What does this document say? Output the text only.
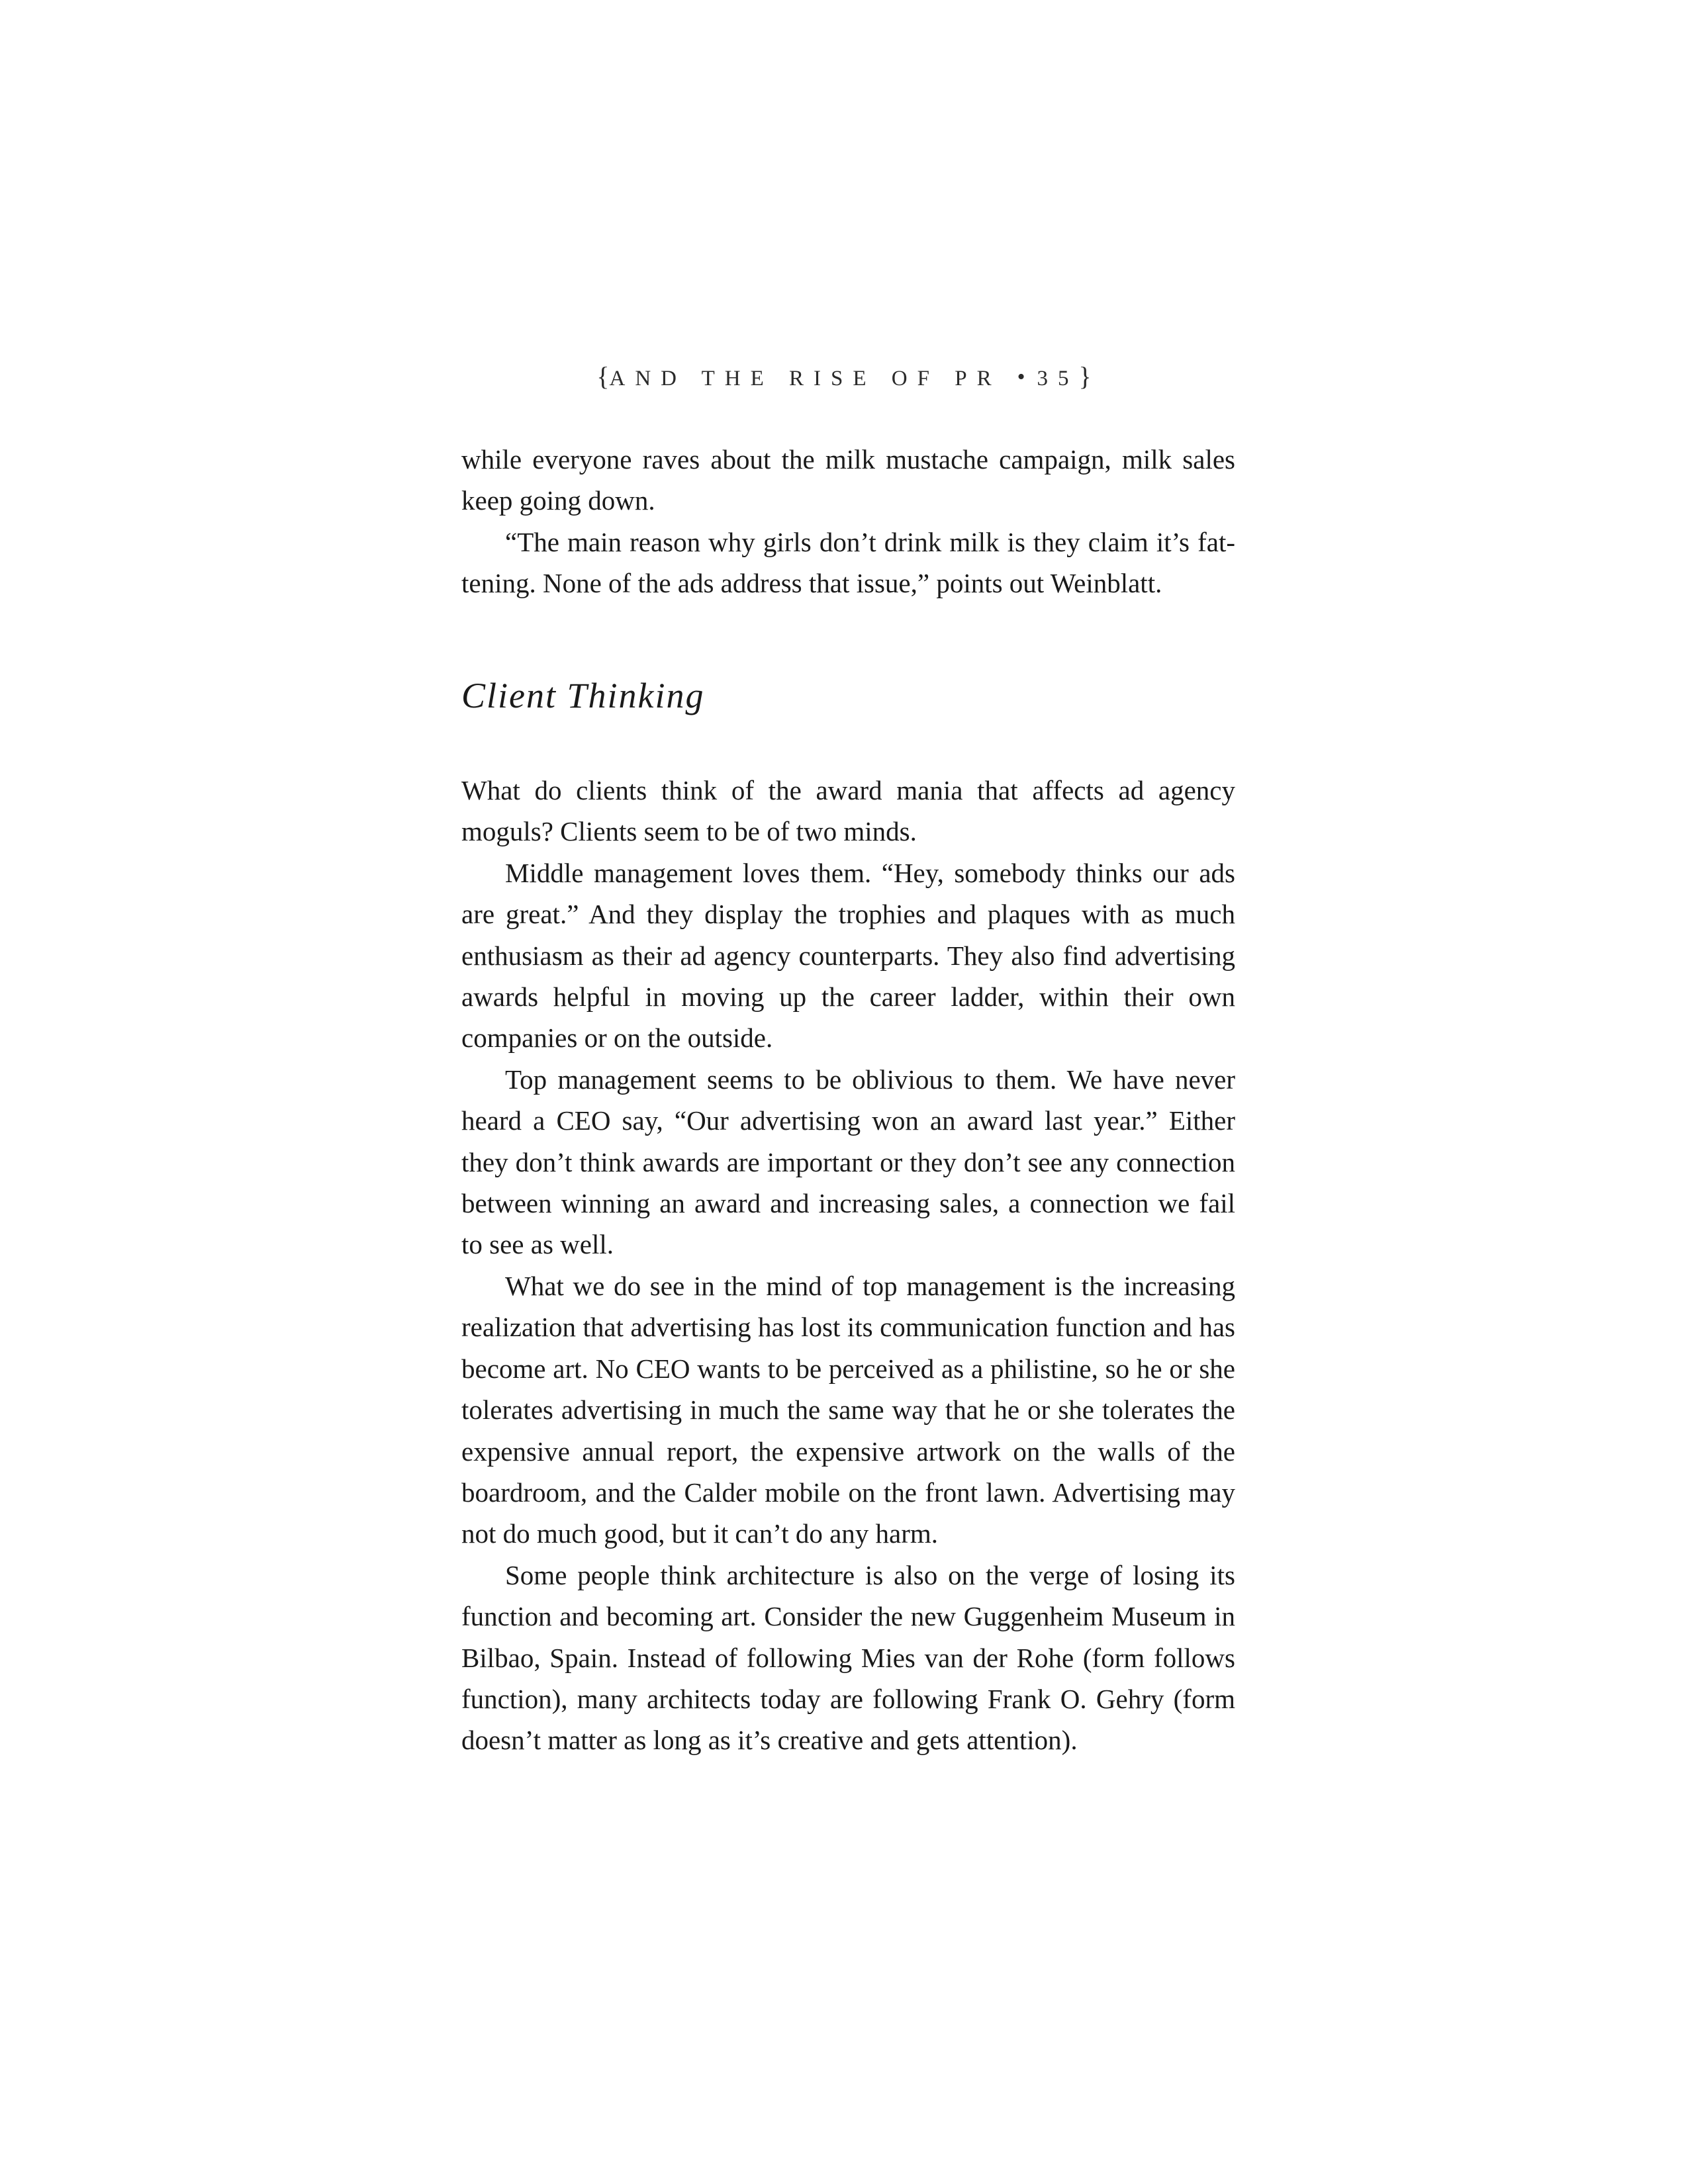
{AND THE RISE OF PR • 35}

while everyone raves about the milk mustache campaign, milk sales keep going down.

“The main reason why girls don’t drink milk is they claim it’s fattening. None of the ads address that issue,” points out Weinblatt.

Client Thinking

What do clients think of the award mania that affects ad agency moguls? Clients seem to be of two minds.

Middle management loves them. “Hey, somebody thinks our ads are great.” And they display the trophies and plaques with as much enthusiasm as their ad agency counterparts. They also find advertising awards helpful in moving up the career ladder, within their own companies or on the outside.

Top management seems to be oblivious to them. We have never heard a CEO say, “Our advertising won an award last year.” Either they don’t think awards are important or they don’t see any connection between winning an award and increasing sales, a connection we fail to see as well.

What we do see in the mind of top management is the increasing realization that advertising has lost its communication function and has become art. No CEO wants to be perceived as a philistine, so he or she tolerates advertising in much the same way that he or she tolerates the expensive annual report, the expensive artwork on the walls of the boardroom, and the Calder mobile on the front lawn. Advertising may not do much good, but it can’t do any harm.

Some people think architecture is also on the verge of losing its function and becoming art. Consider the new Guggenheim Museum in Bilbao, Spain. Instead of following Mies van der Rohe (form follows function), many architects today are following Frank O. Gehry (form doesn’t matter as long as it’s creative and gets attention).
